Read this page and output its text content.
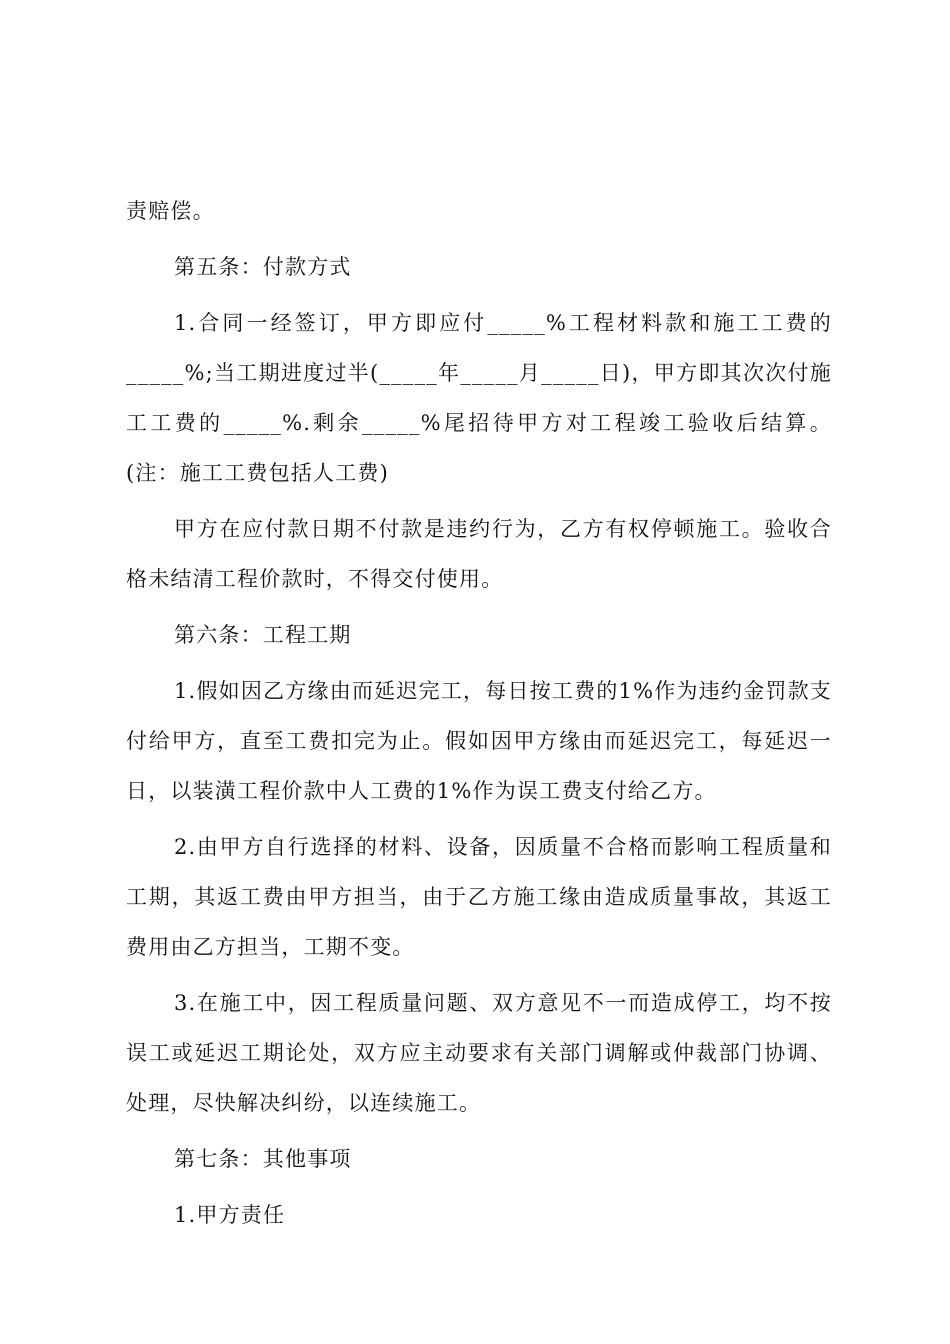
责赔偿。

第五条：付款方式

1.合同一经签订，甲方即应付_____%工程材料款和施工工费的_____%;当工期进度过半(_____年_____月_____日)，甲方即其次次付施工工费的_____%.剩余_____%尾招待甲方对工程竣工验收后结算。(注：施工工费包括人工费)

甲方在应付款日期不付款是违约行为，乙方有权停顿施工。验收合格未结清工程价款时，不得交付使用。

第六条：工程工期

1.假如因乙方缘由而延迟完工，每日按工费的1%作为违约金罚款支付给甲方，直至工费扣完为止。假如因甲方缘由而延迟完工，每延迟一日，以装潢工程价款中人工费的1%作为误工费支付给乙方。

2.由甲方自行选择的材料、设备，因质量不合格而影响工程质量和工期，其返工费由甲方担当，由于乙方施工缘由造成质量事故，其返工费用由乙方担当，工期不变。

3.在施工中，因工程质量问题、双方意见不一而造成停工，均不按误工或延迟工期论处，双方应主动要求有关部门调解或仲裁部门协调、处理，尽快解决纠纷，以连续施工。

第七条：其他事项

1.甲方责任
